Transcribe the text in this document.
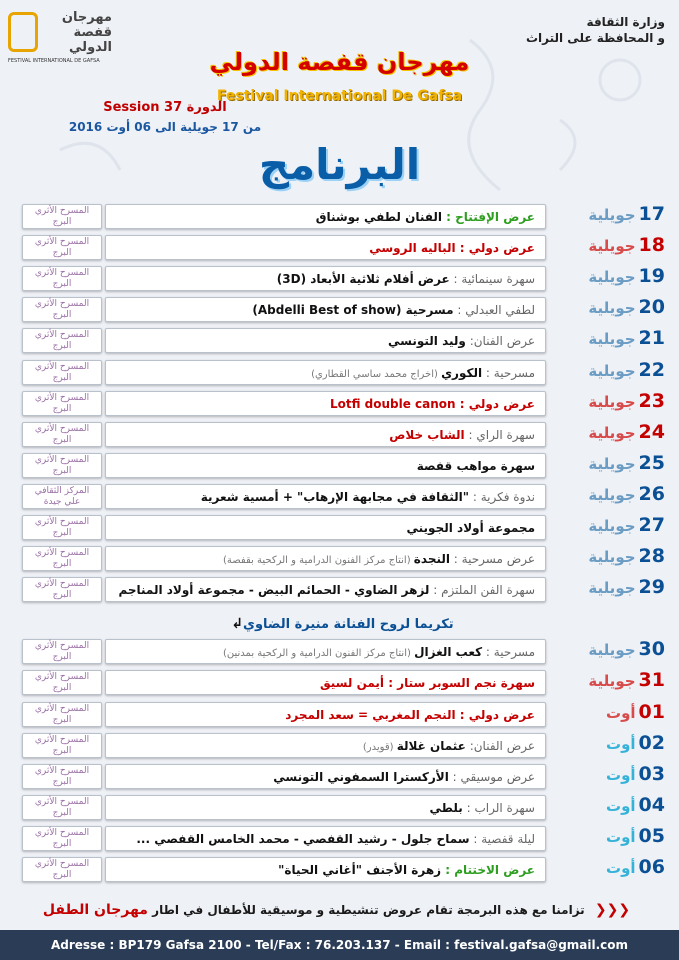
مهرجان
قفصة
الدولي
FESTIVAL INTERNATIONAL DE GAFSA
وزارة الثقافة
و المحافظة على التراث
مهرجان قفصة الدولي
Festival International De Gafsa
Session 37 الدورة
من 17 جويلية الى 06 أوت 2016
البرنامج
17جويلية
عرض الإفتتاح : الفنان لطفي بوشناق
المسرح الأثري
البرج
18جويلية
عرض دولي : الباليه الروسي
المسرح الأثري
البرج
19جويلية
سهرة سينمائية : عرض أفلام ثلاثية الأبعاد (3D)
المسرح الأثري
البرج
20جويلية
لطفي العبدلي : مسرحية (Abdelli Best of show)
المسرح الأثري
البرج
21جويلية
عرض الفنان: وليد التونسي
المسرح الأثري
البرج
22جويلية
مسرحية : الكوري (اخراج محمد ساسي القطاري)
المسرح الأثري
البرج
23جويلية
عرض دولي : Lotfi double canon
المسرح الأثري
البرج
24جويلية
سهرة الراي : الشاب خلاص
المسرح الأثري
البرج
25جويلية
سهرة مواهب قفصة
المسرح الأثري
البرج
26جويلية
ندوة فكرية : "الثقافة في مجابهة الإرهاب" + أمسية شعرية
المركز الثقافي
علي جيدة
27جويلية
مجموعة أولاد الجويني
المسرح الأثري
البرج
28جويلية
عرض مسرحية : النجدة (انتاج مركز الفنون الدرامية و الركحية بقفصة)
المسرح الأثري
البرج
29جويلية
سهرة الفن الملتزم : لزهر الضاوي - الحمائم البيض - مجموعة أولاد المناجم
المسرح الأثري
البرج
30جويلية
مسرحية : كعب الغزال (انتاج مركز الفنون الدرامية و الركحية بمدنين)
المسرح الأثري
البرج
31جويلية
سهرة نجم السوبر ستار : أيمن لسيق
المسرح الأثري
البرج
01أوت
عرض دولي : النجم المغربي = سعد المجرد
المسرح الأثري
البرج
02أوت
عرض الفنان: عثمان غلالة (قويدر)
المسرح الأثري
البرج
03أوت
عرض موسيقي : الأركسترا السمفوني التونسي
المسرح الأثري
البرج
04أوت
سهرة الراب : بلطي
المسرح الأثري
البرج
05أوت
ليلة قفصية : سماح جلول - رشيد القفصي - محمد الخامس القفصي ...
المسرح الأثري
البرج
06أوت
عرض الاختتام : زهرة الأجنف "أغاني الحياة"
المسرح الأثري
البرج
تكريما لروح الفنانة منيرة الضاوي↲
❮❮❮ تزامنا مع هذه البرمجة تقام عروض تنشيطية و موسيقية للأطفال في اطار مهرجان الطفل
Adresse : BP179 Gafsa 2100 - Tel/Fax : 76.203.137 - Email : festival.gafsa@gmail.com
